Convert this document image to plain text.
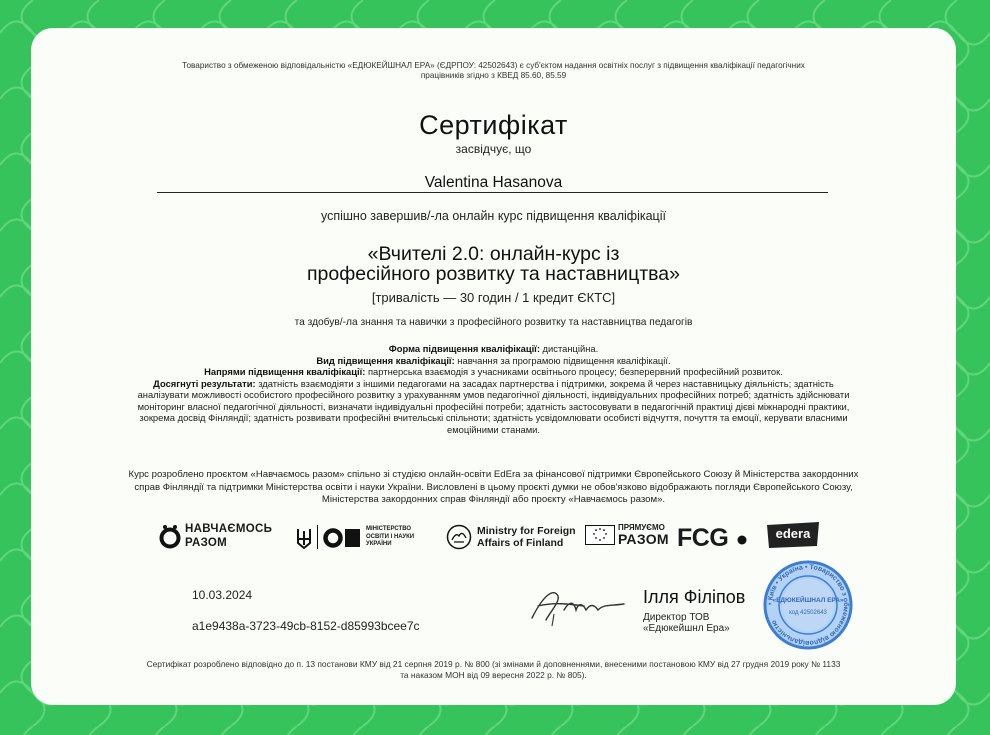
Товариство з обмеженою відповідальністю «ЕДЮКЕЙШНАЛ ЕРА» (ЄДРПОУ: 42502643) є суб'єктом надання освітніх послуг з підвищення кваліфікації педагогічних працівників згідно з КВЕД 85.60, 85.59
Сертифікат
засвідчує, що
Valentina Hasanova
успішно завершив/-ла онлайн курс підвищення кваліфікації
«Вчителі 2.0: онлайн-курс із
професійного розвитку та наставництва»
[тривалість — 30 годин / 1 кредит ЄКТС]
та здобув/-ла знання та навички з професійного розвитку та наставництва педагогів
Форма підвищення кваліфікації: дистанційна.
Вид підвищення кваліфікації: навчання за програмою підвищення кваліфікації.
Напрями підвищення кваліфікації: партнерська взаємодія з учасниками освітнього процесу; безперервний професійний розвиток.
Досягнуті результати: здатність взаємодіяти з іншими педагогами на засадах партнерства і підтримки, зокрема й через наставницьку діяльність; здатність аналізувати можливості особистого професійного розвитку з урахуванням умов педагогічної діяльності, індивідуальних професійних потреб; здатність здійснювати моніторинг власної педагогічної діяльності, визначати індивідуальні професійні потреби; здатність застосовувати в педагогічній практиці дієві міжнародні практики, зокрема досвід Фінляндії; здатність розвивати професійні вчительські спільноти; здатність усвідомлювати особисті відчуття, почуття та емоції, керувати власними емоційними станами.
Курс розроблено проєктом «Навчаємось разом» спільно зі студією онлайн-освіти EdEra за фінансової підтримки Європейського Союзу й Міністерства закордонних справ Фінляндії та підтримки Міністерства освіти і науки України. Висловлені в цьому проєкті думки не обов'язково відображають погляди Європейського Союзу, Міністерства закордонних справ Фінляндії або проєкту «Навчаємось разом».
НАВЧАЄМОСЬ
РАЗОМ
МІНІСТЕРСТВО
ОСВІТИ І НАУКИ
УКРАЇНИ
Ministry for Foreign
Affairs of Finland
ПРЯМУЄМО
РАЗОМ FCG	edera
10.03.2024
a1e9438a-3723-49cb-8152-d85993bcee7c
Ілля Філіпов
Директор ТОВ
«Едюкейшнл Ера»
• Київ • Україна • Товариство з обмеженою відповідальністю
«ЕДЮКЕЙШНАЛ ЕРА»
код 42502643
Сертифікат розроблено відповідно до п. 13 постанови КМУ від 21 серпня 2019 р. № 800 (зі змінами й доповненнями, внесеними постановою КМУ від 27 грудня 2019 року № 1133 та наказом МОН від 09 вересня 2022 р. № 805).
